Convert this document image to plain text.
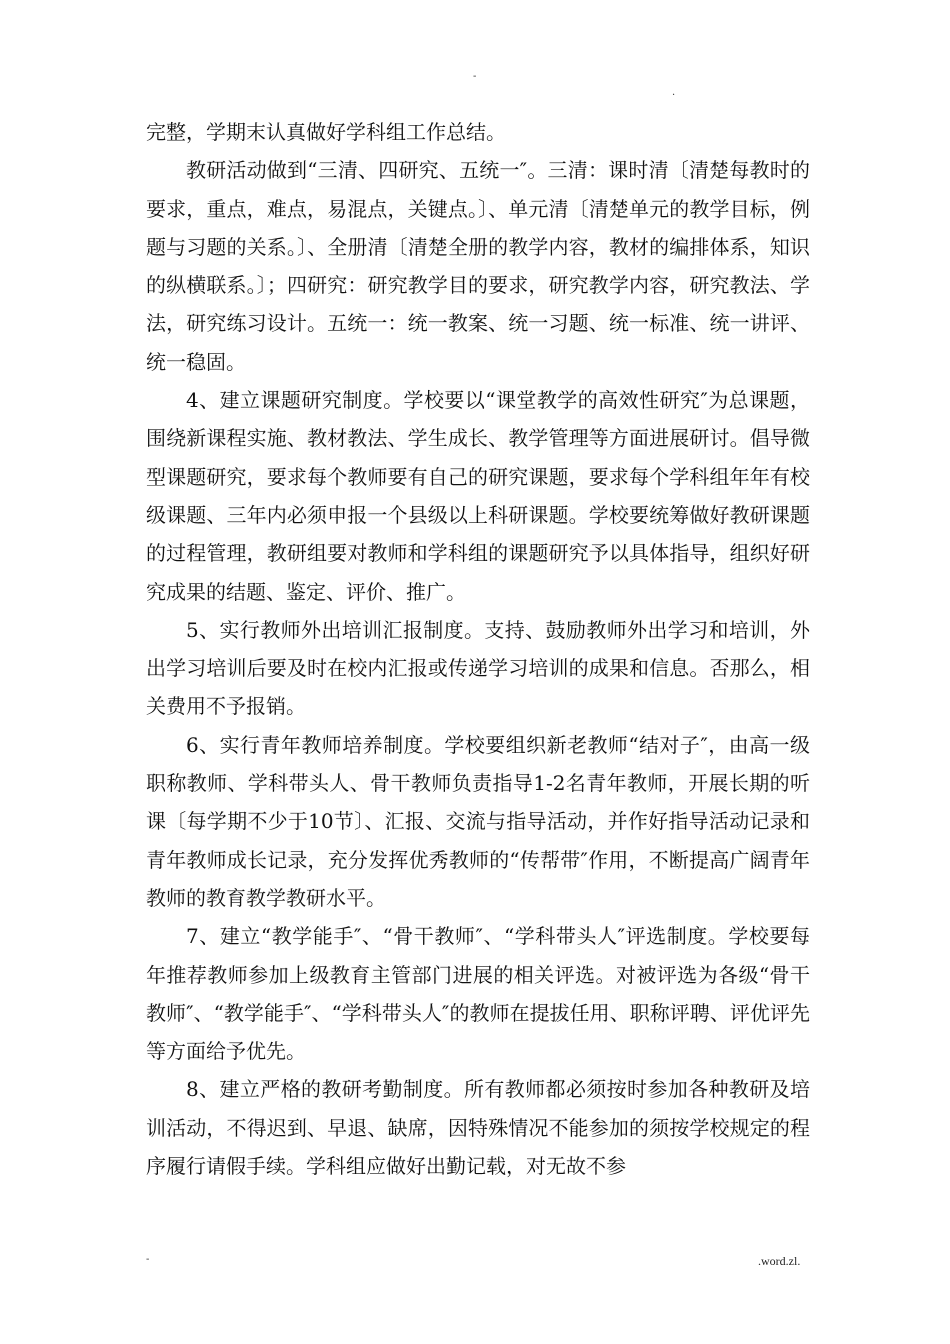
-
.

完整，学期末认真做好学科组工作总结。

教研活动做到“三清、四研究、五统一″。三清：课时清〔清楚每教时的要求，重点，难点，易混点，关键点。〕、单元清〔清楚单元的教学目标，例题与习题的关系。〕、全册清〔清楚全册的教学内容，教材的编排体系，知识的纵横联系。〕；四研究：研究教学目的要求，研究教学内容，研究教法、学法，研究练习设计。五统一：统一教案、统一习题、统一标准、统一讲评、统一稳固。

4、建立课题研究制度。学校要以“课堂教学的高效性研究″为总课题，围绕新课程实施、教材教法、学生成长、教学管理等方面进展研讨。倡导微型课题研究，要求每个教师要有自己的研究课题，要求每个学科组年年有校级课题、三年内必须申报一个县级以上科研课题。学校要统筹做好教研课题的过程管理，教研组要对教师和学科组的课题研究予以具体指导，组织好研究成果的结题、鉴定、评价、推广。

5、实行教师外出培训汇报制度。支持、鼓励教师外出学习和培训，外出学习培训后要及时在校内汇报或传递学习培训的成果和信息。否那么，相关费用不予报销。

6、实行青年教师培养制度。学校要组织新老教师“结对子″，由高一级职称教师、学科带头人、骨干教师负责指导1-2名青年教师，开展长期的听课〔每学期不少于10节〕、汇报、交流与指导活动，并作好指导活动记录和青年教师成长记录，充分发挥优秀教师的“传帮带″作用，不断提高广阔青年教师的教育教学教研水平。

7、建立“教学能手″、“骨干教师″、“学科带头人″评选制度。学校要每年推荐教师参加上级教育主管部门进展的相关评选。对被评选为各级“骨干教师″、“教学能手″、“学科带头人″的教师在提拔任用、职称评聘、评优评先等方面给予优先。

8、建立严格的教研考勤制度。所有教师都必须按时参加各种教研及培训活动，不得迟到、早退、缺席，因特殊情况不能参加的须按学校规定的程序履行请假手续。学科组应做好出勤记载，对无故不参

-	.word.zl.
